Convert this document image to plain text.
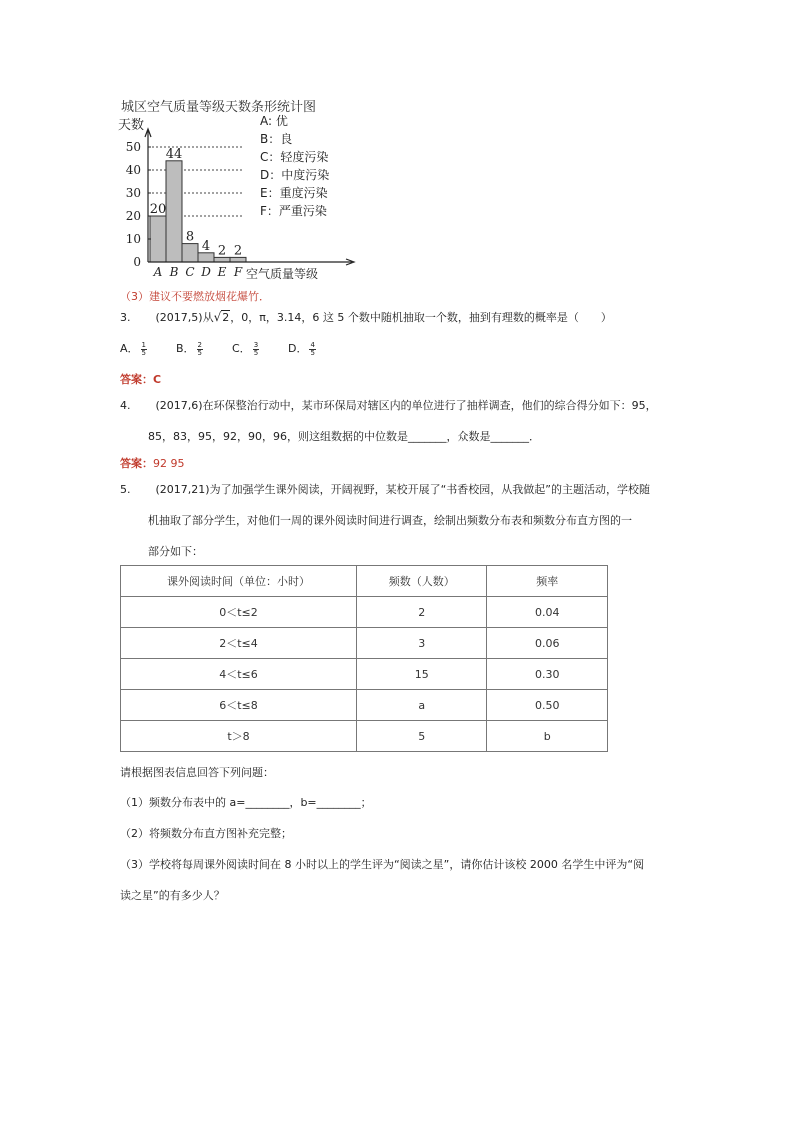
城区空气质量等级天数条形统计图
天数	A: 优
B：良
C：轻度污染
D：中度污染
E：重度污染
F：严重污染
20
A
44
B
8
C
4
D
2
E
2
F
0
10
20
30
40
50
空气质量等级
（3）建议不要燃放烟花爆竹．
3. (2017,5)从√2，0，π，3.14，6 这 5 个数中随机抽取一个数，抽到有理数的概率是（　　）
A． $\frac{1}{5}$	B． $\frac{2}{5}$	C． $\frac{3}{5}$	D． $\frac{4}{5}$
答案：C
4. (2017,6)在环保整治行动中，某市环保局对辖区内的单位进行了抽样调查，他们的综合得分如下：95，
85，83，95，92，90，96，则这组数据的中位数是_______，众数是_______．
答案：92 95
5. (2017,21)为了加强学生课外阅读，开阔视野，某校开展了“书香校园，从我做起”的主题活动，学校随
机抽取了部分学生，对他们一周的课外阅读时间进行调查，绘制出频数分布表和频数分布直方图的一
部分如下：
课外阅读时间（单位：小时）	频数（人数）	频率
0＜t≤2	2	0.04
2＜t≤4	3	0.06
4＜t≤6	15	0.30
6＜t≤8	a	0.50
t＞8	5	b
请根据图表信息回答下列问题：
（1）频数分布表中的 a=________，b=________；
（2）将频数分布直方图补充完整；
（3）学校将每周课外阅读时间在 8 小时以上的学生评为“阅读之星”，请你估计该校 2000 名学生中评为“阅
读之星”的有多少人？
